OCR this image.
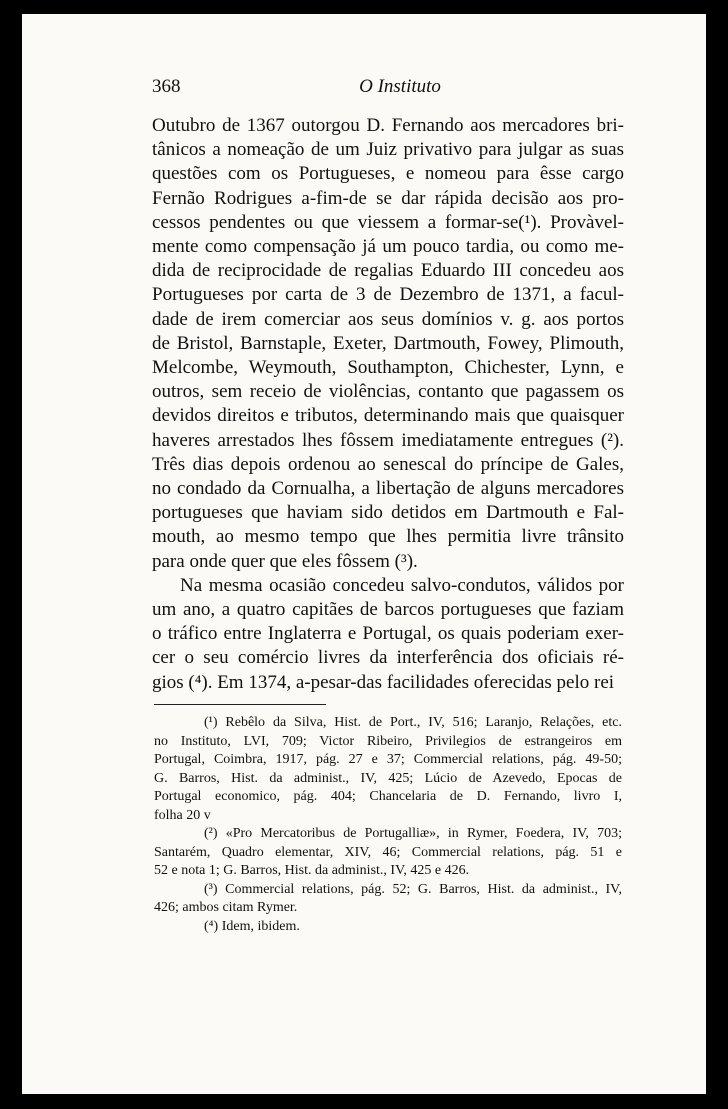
368	O Instituto

Outubro de 1367 outorgou D. Fernando aos mercadores bri-
tânicos a nomeação de um Juiz privativo para julgar as suas
questões com os Portugueses, e nomeou para êsse cargo
Fernão Rodrigues a-fim-de se dar rápida decisão aos pro-
cessos pendentes ou que viessem a formar-se(¹). Provàvel-
mente como compensação já um pouco tardia, ou como me-
dida de reciprocidade de regalias Eduardo III concedeu aos
Portugueses por carta de 3 de Dezembro de 1371, a facul-
dade de irem comerciar aos seus domínios v. g. aos portos
de Bristol, Barnstaple, Exeter, Dartmouth, Fowey, Plimouth,
Melcombe, Weymouth, Southampton, Chichester, Lynn, e
outros, sem receio de violências, contanto que pagassem os
devidos direitos e tributos, determinando mais que quaisquer
haveres arrestados lhes fôssem imediatamente entregues (²).
Três dias depois ordenou ao senescal do príncipe de Gales,
no condado da Cornualha, a libertação de alguns mercadores
portugueses que haviam sido detidos em Dartmouth e Fal-
mouth, ao mesmo tempo que lhes permitia livre trânsito
para onde quer que eles fôssem (³).

Na mesma ocasião concedeu salvo-condutos, válidos por
um ano, a quatro capitães de barcos portugueses que faziam
o tráfico entre Inglaterra e Portugal, os quais poderiam exer-
cer o seu comércio livres da interferência dos oficiais ré-
gios (⁴). Em 1374, a-pesar-das facilidades oferecidas pelo rei

(¹) Rebêlo da Silva, Hist. de Port., IV, 516; Laranjo, Relações, etc.
no Instituto, LVI, 709; Victor Ribeiro, Privilegios de estrangeiros em
Portugal, Coimbra, 1917, pág. 27 e 37; Commercial relations, pág. 49-50;
G. Barros, Hist. da administ., IV, 425; Lúcio de Azevedo, Epocas de
Portugal economico, pág. 404; Chancelaria de D. Fernando, livro I,
folha 20 v
(²) «Pro Mercatoribus de Portugalliæ», in Rymer, Foedera, IV, 703;
Santarém, Quadro elementar, XIV, 46; Commercial relations, pág. 51 e
52 e nota 1; G. Barros, Hist. da administ., IV, 425 e 426.
(³) Commercial relations, pág. 52; G. Barros, Hist. da administ., IV,
426; ambos citam Rymer.
(⁴) Idem, ibidem.
